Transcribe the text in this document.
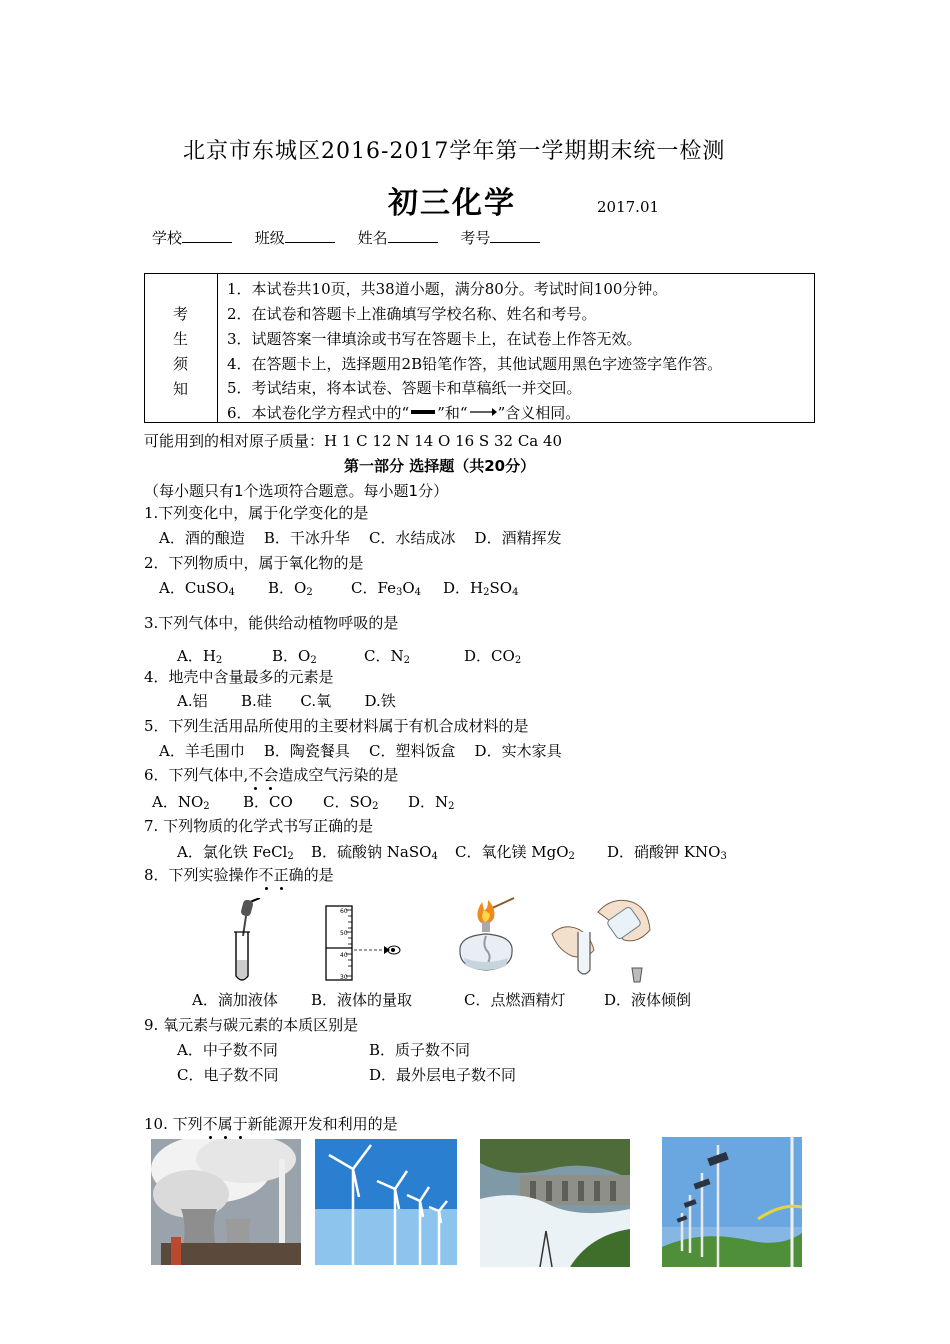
北京市东城区2016-2017学年第一学期期末统一检测
初三化学	2017.01
学校	班级	姓名	考号
考
生
须
知
1．本试卷共10页，共38道小题，满分80分。考试时间100分钟。
2．在试卷和答题卡上准确填写学校名称、姓名和考号。
3．试题答案一律填涂或书写在答题卡上，在试卷上作答无效。
4．在答题卡上，选择题用2B铅笔作答，其他试题用黑色字迹签字笔作答。
5．考试结束，将本试卷、答题卡和草稿纸一并交回。
6．本试卷化学方程式中的“ ”和“ ”含义相同。
可能用到的相对原子质量：H 1 C 12 N 14 O 16 S 32 Ca 40
第一部分 选择题（共20分）
（每小题只有1个选项符合题意。每小题1分）
1.下列变化中，属于化学变化的是
A．酒的酿造    B．干冰升华    C．水结成冰    D．酒精挥发
2．下列物质中，属于氧化物的是
A．CuSO$_4$ B．$O_2$	C．$Fe_3O_4$ D．$H_2SO_4$
3.下列气体中，能供给动植物呼吸的是
A．$H_2$	B．$O_2$	C．$N_2$	D．$CO_2$
4．地壳中含量最多的元素是
A.铝       B.硅      C.氧       D.铁
5．下列生活用品所使用的主要材料属于有机合成材料的是
A．羊毛围巾    B．陶瓷餐具    C．塑料饭盒    D．实木家具
6．下列气体中,不会造成空气污染的是
A．$NO_2$ B．CO C．$SO_2$ D．$N_2$
7. 下列物质的化学式书写正确的是
A．氯化铁 FeCl$_2$ B．硫酸钠 NaSO$_4$ C．氧化镁 MgO$_2$ D．硝酸钾 $KNO_3$
8．下列实验操作不正确的是
60
50
40
30
A．滴加液体 B．液体的量取	C．点燃酒精灯	D．液体倾倒
9. 氧元素与碳元素的本质区别是
A．中子数不同	B．质子数不同
C．电子数不同	D．最外层电子数不同
10. 下列不属于新能源开发和利用的是
